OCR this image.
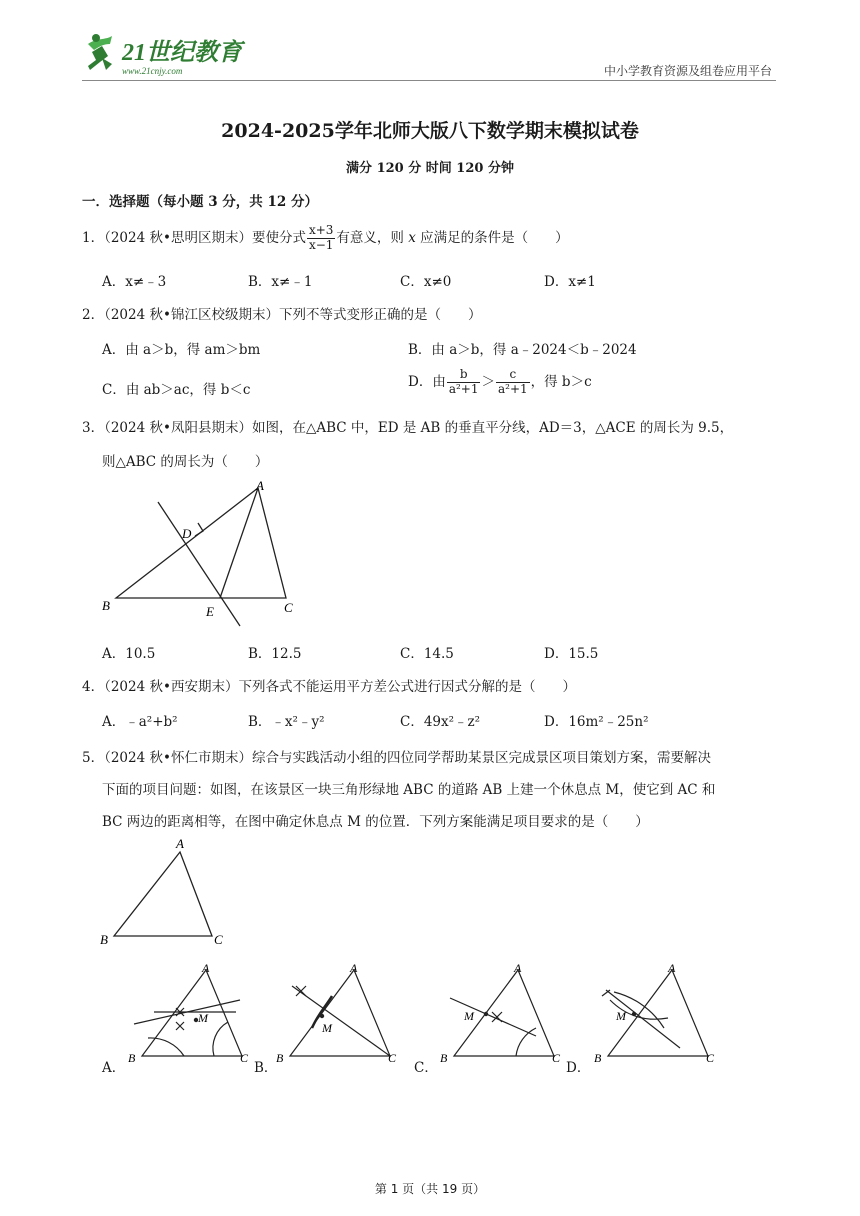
21世纪教育
www.21cnjy.com	中小学教育资源及组卷应用平台
2024-2025学年北师大版八下数学期末模拟试卷
满分 120 分 时间 120 分钟
一．选择题（每小题 3 分，共 12 分）
1．（2024 秋•思明区期末）要使分式 $\frac{x+3}{x-1}$ 有意义，则 x 应满足的条件是（　　）
A．x≠﹣3	B．x≠﹣1	C．x≠0	D．x≠1
2．（2024 秋•锦江区校级期末）下列不等式变形正确的是（　　）
A．由 a＞b，得 am＞bm	B．由 a＞b，得 a﹣2024＜b﹣2024
C．由 ab＞ac，得 b＜c
D．由 $\frac{b}{\text{a²+1}} > \frac{c}{\text{a²+1}}$ ，得 b＞c
3．（2024 秋•凤阳县期末）如图，在△ABC 中，ED 是 AB 的垂直平分线，AD＝3，△ACE 的周长为 9.5，
则△ABC 的周长为（　　）
A
B	C
D
E
A．10.5	B．12.5	C．14.5	D．15.5
4．（2024 秋•西安期末）下列各式不能运用平方差公式进行因式分解的是（　　）
A．﹣a²+b²	B．﹣x²﹣y²	C．49x²﹣z²	D．16m²﹣25n²
5．（2024 秋•怀仁市期末）综合与实践活动小组的四位同学帮助某景区完成景区项目策划方案，需要解决
下面的项目问题：如图，在该景区一块三角形绿地 ABC 的道路 AB 上建一个休息点 M，使它到 AC 和
BC 两边的距离相等，在图中确定休息点 M 的位置．下列方案能满足项目要求的是（　　）
A
B	C
A．
A
B	C
M
B．
A
B	C
M
C．
A
B	C
M
D．
A
B	C
M
第 1 页（共 19 页）
